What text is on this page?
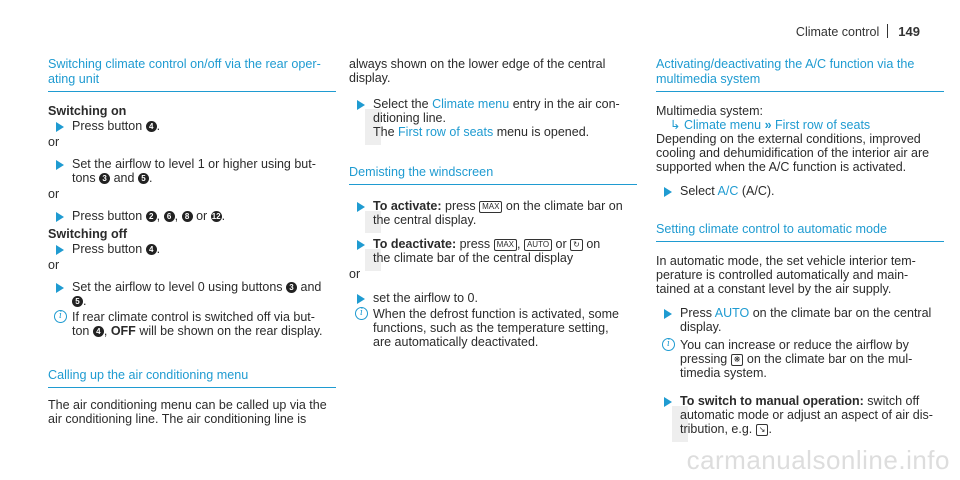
Climate control 149
Switching climate control on/off via the rear oper-ating unit

Switching on

Press button 4 .

or

Set the airflow to level 1 or higher using but-
tons 3 and 5 .

or

Press button 2 , 6 , 8 or 12.

Switching off

Press button 4 .

or

Set the airflow to level 0 using buttons 3 and
5 .
i If rear climate control is switched off via but-
ton 4 , OFF will be shown on the rear display.
Calling up the air conditioning menu

The air conditioning menu can be called up via the
air conditioning line. The air conditioning line is

always shown on the lower edge of the central
display.

Select the Climate menu entry in the air con-
ditioning line.
The First row of seats menu is opened.
Demisting the windscreen
To activate: press MAX on the climate bar on
the central display.
To deactivate: press MAX , AUTO or ↻ on
the climate bar of the central display

or

set the airflow to 0.
i When the defrost function is activated, some
functions, such as the temperature setting,
are automatically deactivated.
Activating/deactivating the A/C function via the multimedia system

Multimedia system:

↳ Climate menu » First row of seats

Depending on the external conditions, improved
cooling and dehumidification of the interior air are
supported when the A/C function is activated.

Select A/C (A/C).
Setting climate control to automatic mode

In automatic mode, the set vehicle interior tem-
perature is controlled automatically and main-
tained at a constant level by the air supply.

Press AUTO on the climate bar on the central
display.
i You can increase or reduce the airflow by
pressing ❋ on the climate bar on the mul-
timedia system.
To switch to manual operation: switch off
automatic mode or adjust an aspect of air dis-
tribution, e.g. ↘ .
carmanualsonline.info
